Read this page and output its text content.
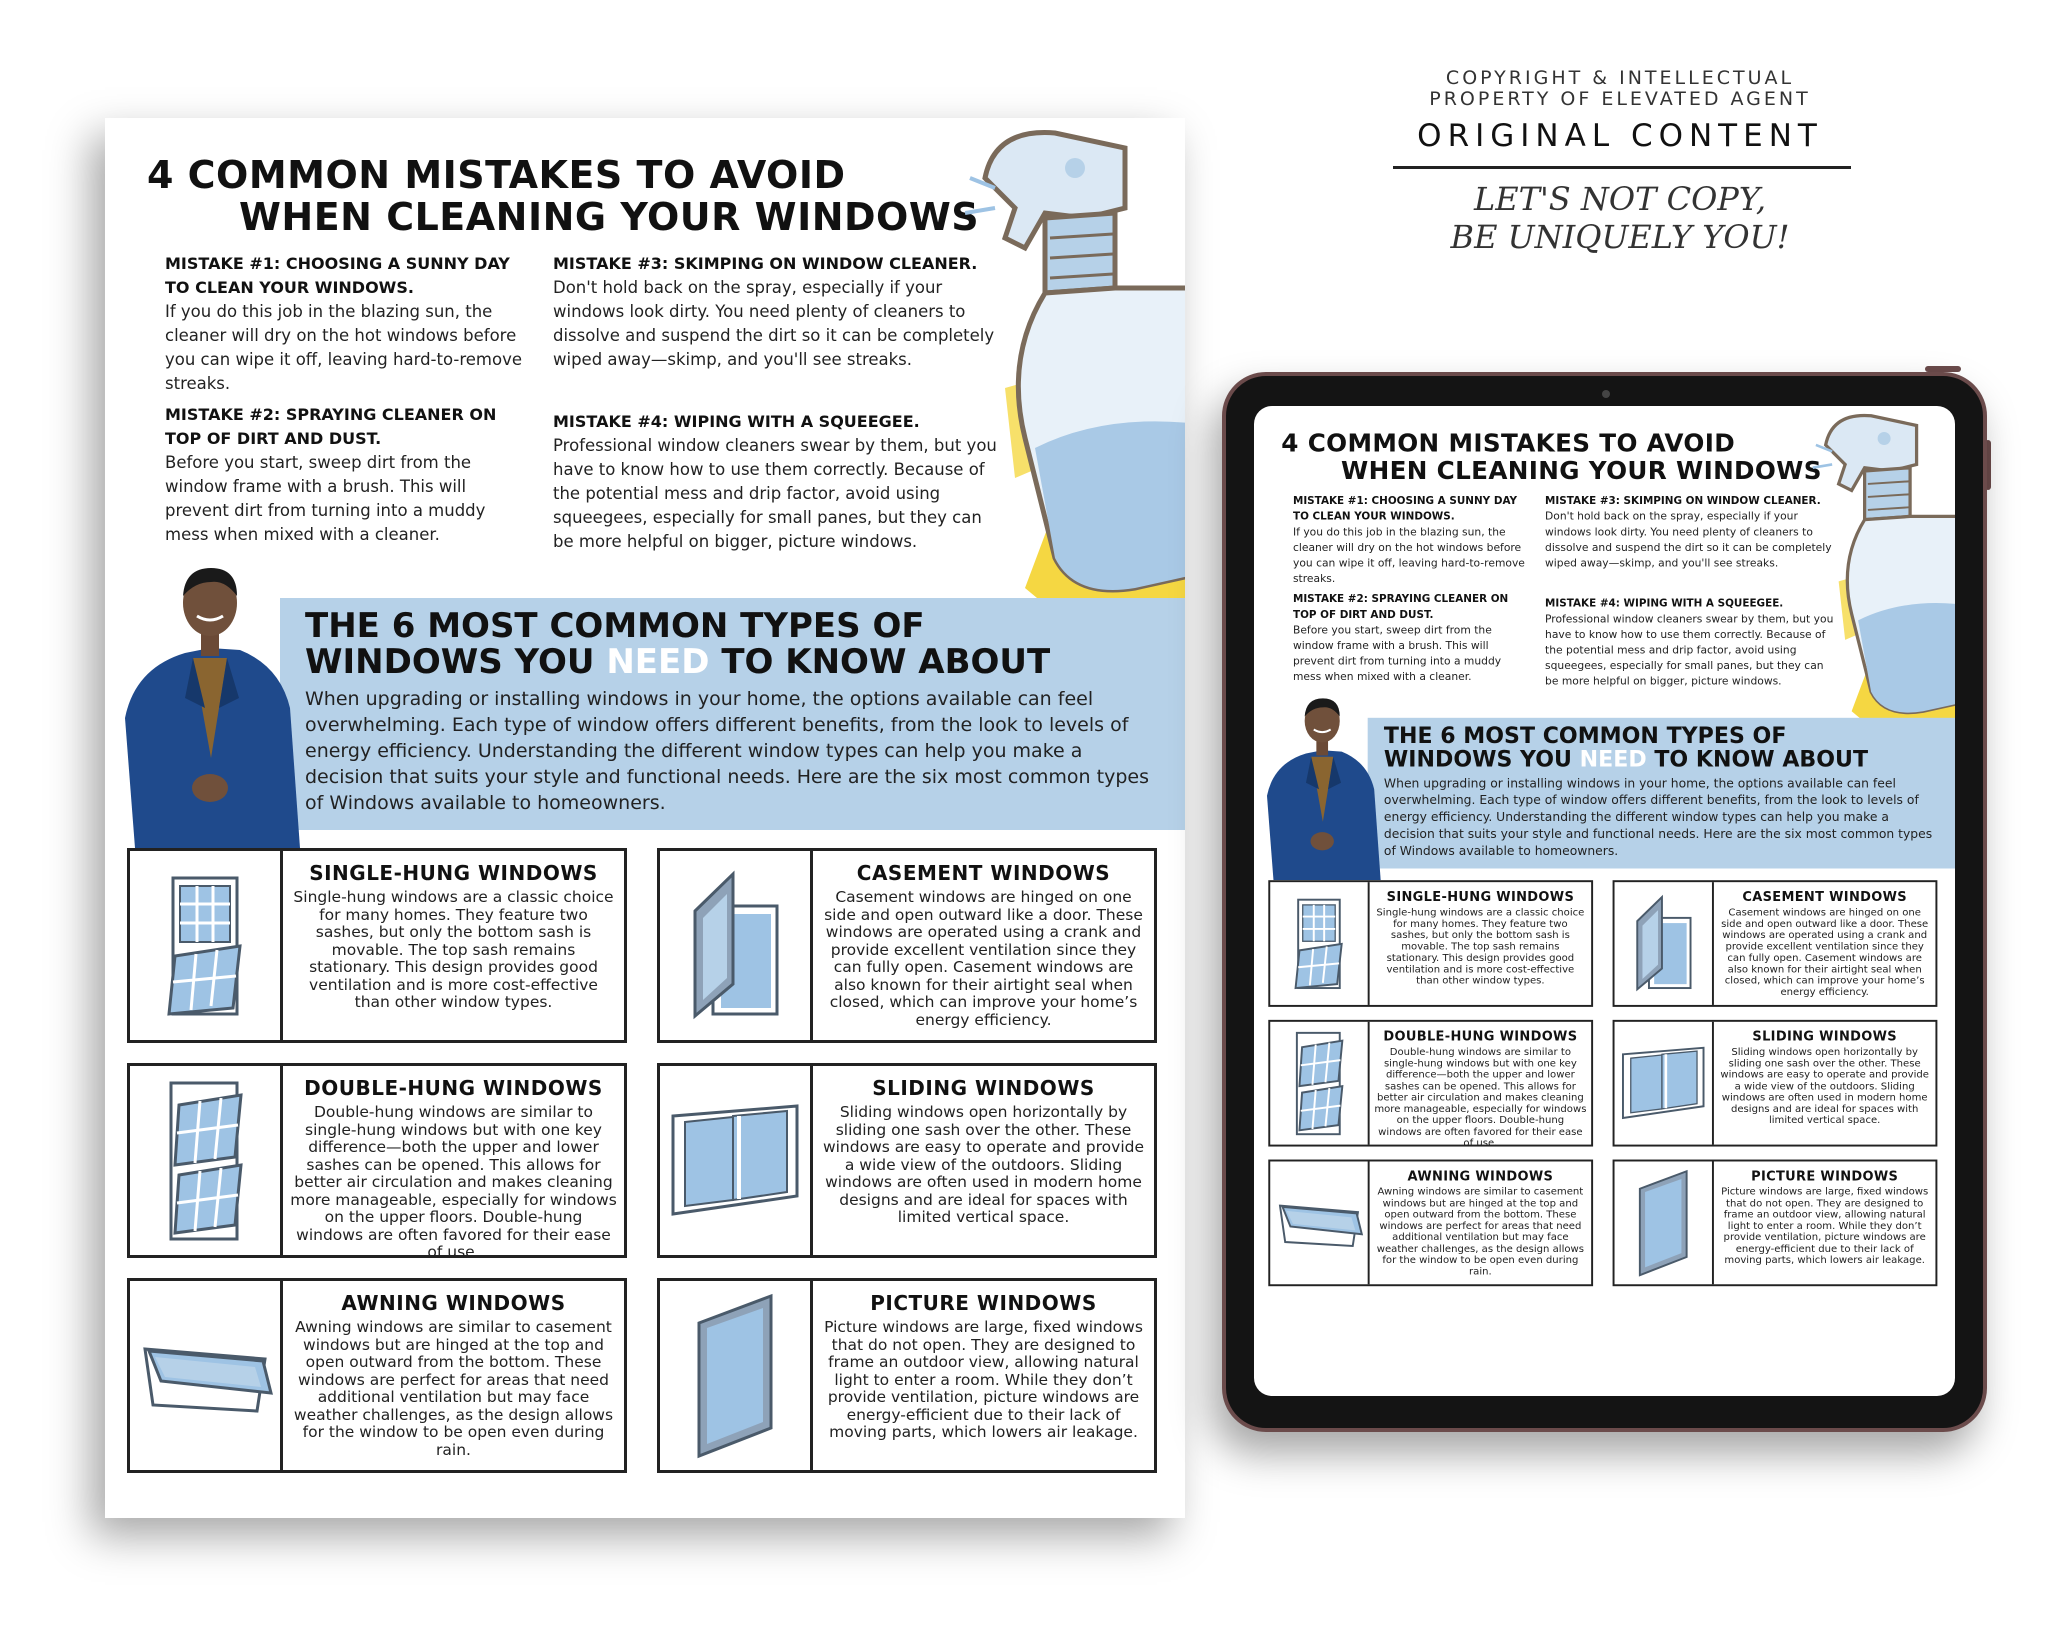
4 COMMON MISTAKES TO AVOID
WHEN CLEANING YOUR WINDOWS
MISTAKE #1: CHOOSING A SUNNY DAY TO CLEAN YOUR WINDOWS.

If you do this job in the blazing sun, the cleaner will dry on the hot windows before you can wipe it off, leaving hard-to-remove streaks.

MISTAKE #2: SPRAYING CLEANER ON TOP OF DIRT AND DUST.

Before you start, sweep dirt from the window frame with a brush. This will prevent dirt from turning into a muddy mess when mixed with a cleaner.

MISTAKE #3: SKIMPING ON WINDOW CLEANER.

Don't hold back on the spray, especially if your windows look dirty. You need plenty of cleaners to dissolve and suspend the dirt so it can be completely wiped away—skimp, and you'll see streaks.

MISTAKE #4: WIPING WITH A SQUEEGEE.

Professional window cleaners swear by them, but you have to know how to use them correctly. Because of the potential mess and drip factor, avoid using squeegees, especially for small panes, but they can be more helpful on bigger, picture windows.

THE 6 MOST COMMON TYPES OF
WINDOWS YOU NEED TO KNOW ABOUT

When upgrading or installing windows in your home, the options available can feel overwhelming. Each type of window offers different benefits, from the look to levels of energy efficiency. Understanding the different window types can help you make a decision that suits your style and functional needs. Here are the six most common types of Windows available to homeowners.

SINGLE-HUNG WINDOWS

Single-hung windows are a classic choice for many homes. They feature two sashes, but only the bottom sash is movable. The top sash remains stationary. This design provides good ventilation and is more cost-effective than other window types.

CASEMENT WINDOWS

Casement windows are hinged on one side and open outward like a door. These windows are operated using a crank and provide excellent ventilation since they can fully open. Casement windows are also known for their airtight seal when closed, which can improve your home’s energy efficiency.

DOUBLE-HUNG WINDOWS

Double-hung windows are similar to single-hung windows but with one key difference—both the upper and lower sashes can be opened. This allows for better air circulation and makes cleaning more manageable, especially for windows on the upper floors. Double-hung windows are often favored for their ease of use.

SLIDING WINDOWS

Sliding windows open horizontally by sliding one sash over the other. These windows are easy to operate and provide a wide view of the outdoors. Sliding windows are often used in modern home designs and are ideal for spaces with limited vertical space.

AWNING WINDOWS

Awning windows are similar to casement windows but are hinged at the top and open outward from the bottom. These windows are perfect for areas that need additional ventilation but may face weather challenges, as the design allows for the window to be open even during rain.

PICTURE WINDOWS

Picture windows are large, fixed windows that do not open. They are designed to frame an outdoor view, allowing natural light to enter a room. While they don’t provide ventilation, picture windows are energy-efficient due to their lack of moving parts, which lowers air leakage.

4 COMMON MISTAKES TO AVOID
WHEN CLEANING YOUR WINDOWS
MISTAKE #1: CHOOSING A SUNNY DAY TO CLEAN YOUR WINDOWS.

If you do this job in the blazing sun, the cleaner will dry on the hot windows before you can wipe it off, leaving hard-to-remove streaks.

MISTAKE #2: SPRAYING CLEANER ON TOP OF DIRT AND DUST.

Before you start, sweep dirt from the window frame with a brush. This will prevent dirt from turning into a muddy mess when mixed with a cleaner.

MISTAKE #3: SKIMPING ON WINDOW CLEANER.

Don't hold back on the spray, especially if your windows look dirty. You need plenty of cleaners to dissolve and suspend the dirt so it can be completely wiped away—skimp, and you'll see streaks.

MISTAKE #4: WIPING WITH A SQUEEGEE.

Professional window cleaners swear by them, but you have to know how to use them correctly. Because of the potential mess and drip factor, avoid using squeegees, especially for small panes, but they can be more helpful on bigger, picture windows.

THE 6 MOST COMMON TYPES OF
WINDOWS YOU NEED TO KNOW ABOUT

When upgrading or installing windows in your home, the options available can feel overwhelming. Each type of window offers different benefits, from the look to levels of energy efficiency. Understanding the different window types can help you make a decision that suits your style and functional needs. Here are the six most common types of Windows available to homeowners.

SINGLE-HUNG WINDOWS

Single-hung windows are a classic choice for many homes. They feature two sashes, but only the bottom sash is movable. The top sash remains stationary. This design provides good ventilation and is more cost-effective than other window types.

CASEMENT WINDOWS

Casement windows are hinged on one side and open outward like a door. These windows are operated using a crank and provide excellent ventilation since they can fully open. Casement windows are also known for their airtight seal when closed, which can improve your home’s energy efficiency.

DOUBLE-HUNG WINDOWS

Double-hung windows are similar to single-hung windows but with one key difference—both the upper and lower sashes can be opened. This allows for better air circulation and makes cleaning more manageable, especially for windows on the upper floors. Double-hung windows are often favored for their ease of use.

SLIDING WINDOWS

Sliding windows open horizontally by sliding one sash over the other. These windows are easy to operate and provide a wide view of the outdoors. Sliding windows are often used in modern home designs and are ideal for spaces with limited vertical space.

AWNING WINDOWS

Awning windows are similar to casement windows but are hinged at the top and open outward from the bottom. These windows are perfect for areas that need additional ventilation but may face weather challenges, as the design allows for the window to be open even during rain.

PICTURE WINDOWS

Picture windows are large, fixed windows that do not open. They are designed to frame an outdoor view, allowing natural light to enter a room. While they don’t provide ventilation, picture windows are energy-efficient due to their lack of moving parts, which lowers air leakage.

COPYRIGHT & INTELLECTUAL

PROPERTY OF ELEVATED AGENT

ORIGINAL CONTENT

LET'S NOT COPY,

BE UNIQUELY YOU!
